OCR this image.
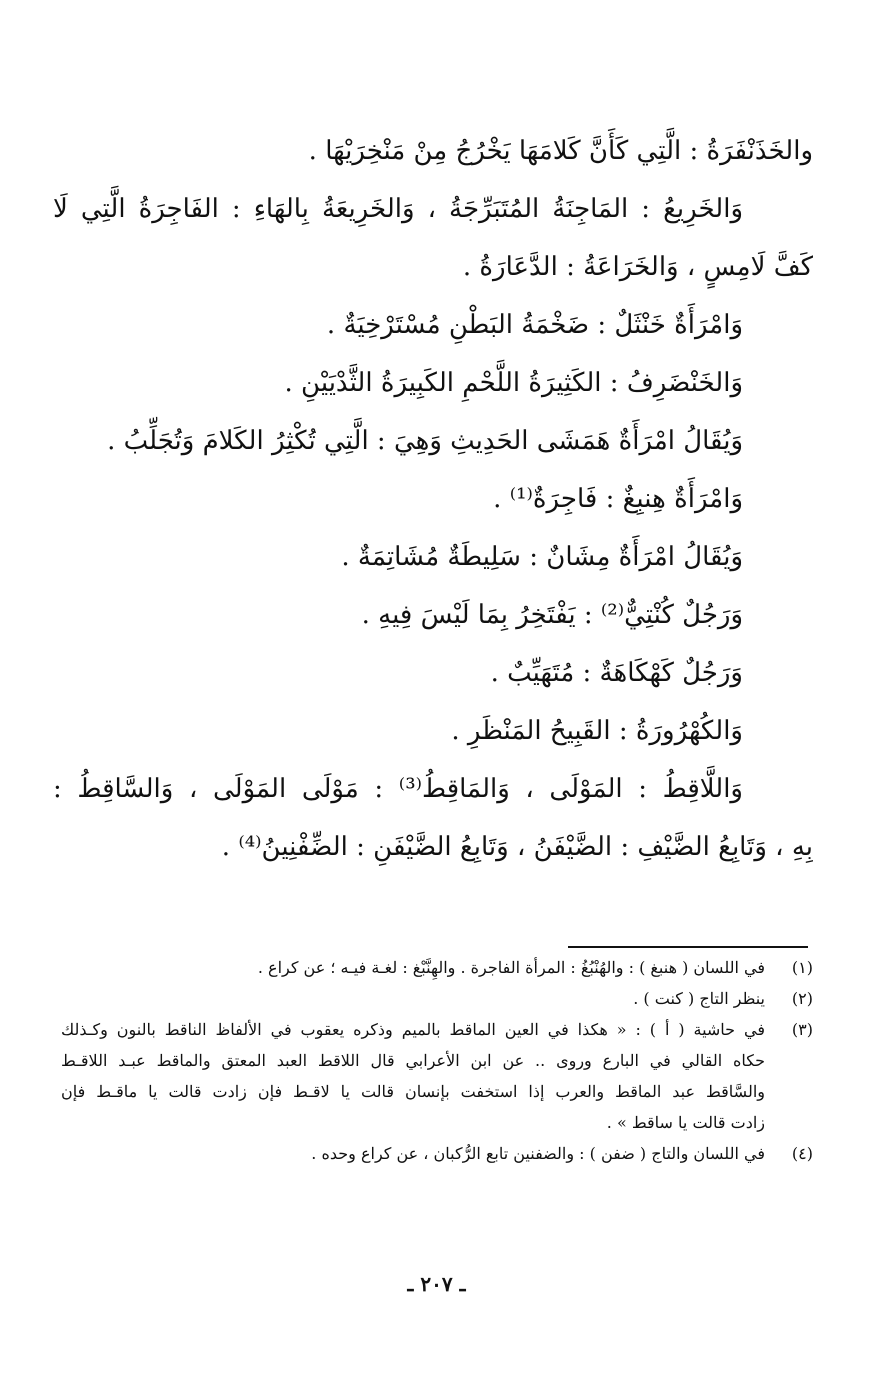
والخَذَنْفَرَةُ : الَّتِي كَأَنَّ كَلامَهَا يَخْرُجُ مِنْ مَنْخِرَيْهَا .
وَالخَرِيعُ : المَاجِنَةُ المُتَبَرِّجَةُ ، وَالخَرِيعَةُ بِالهَاءِ : الفَاجِرَةُ الَّتِي لَا
كَفَّ لَامِسٍ ، وَالخَرَاعَةُ : الدَّعَارَةُ .
وَامْرَأَةٌ خَنْثَلٌ : ضَخْمَةُ البَطْنِ مُسْتَرْخِيَةٌ .
وَالخَنْضَرِفُ : الكَثِيرَةُ اللَّحْمِ الكَبِيرَةُ الثَّدْيَيْنِ .
وَيُقَالُ امْرَأَةٌ هَمَشَى الحَدِيثِ وَهِيَ : الَّتِي تُكْثِرُ الكَلامَ وَتُجَلِّبُ .
وَامْرَأَةٌ هِنبِغٌ : فَاجِرَةٌ⁽¹⁾ .
وَيُقَالُ امْرَأَةٌ مِشَانٌ : سَلِيطَةٌ مُشَاتِمَةٌ .
وَرَجُلٌ كُنْتِيٌّ⁽²⁾ : يَفْتَخِرُ بِمَا لَيْسَ فِيهِ .
وَرَجُلٌ كَهْكَاهَةٌ : مُتَهَيِّبٌ .
وَالكُهْرُورَةُ : القَبِيحُ المَنْظَرِ .
وَاللَّاقِطُ : المَوْلَى ، وَالمَاقِطُ⁽³⁾ : مَوْلَى المَوْلَى ، وَالسَّاقِطُ :
بِهِ ، وَتَابِعُ الضَّيْفِ : الضَّيْفَنُ ، وَتَابِعُ الضَّيْفَنِ : الضِّفْنِينُ⁽⁴⁾ .
(١)
في اللسان ( هنبغ ) : والهُنْبُغُ : المرأة الفاجرة . والهِنَّبْغ : لغـة فيـه ؛ عن كراع .
(٢)
ينظر التاج ( كنت ) .
(٣)
في حاشية ( أ ) : « هكذا في العين الماقط بالميم وذكره يعقوب في الألفاظ الناقط بالنون وكـذلك
حكاه القالي في البارع وروى .. عن ابن الأعرابي قال اللاقط العبد المعتق والماقط عبـد اللاقـط
والسَّاقط عبد الماقط والعرب إذا استخفت بإنسان قالت يا لاقـط فإن زادت قالت يا ماقـط فإن
زادت قالت يا ساقط » .
(٤)
في اللسان والتاج ( ضفن ) : والضفنين تابع الرُّكبان ، عن كراع وحده .
ـ ٢٠٧ ـ
